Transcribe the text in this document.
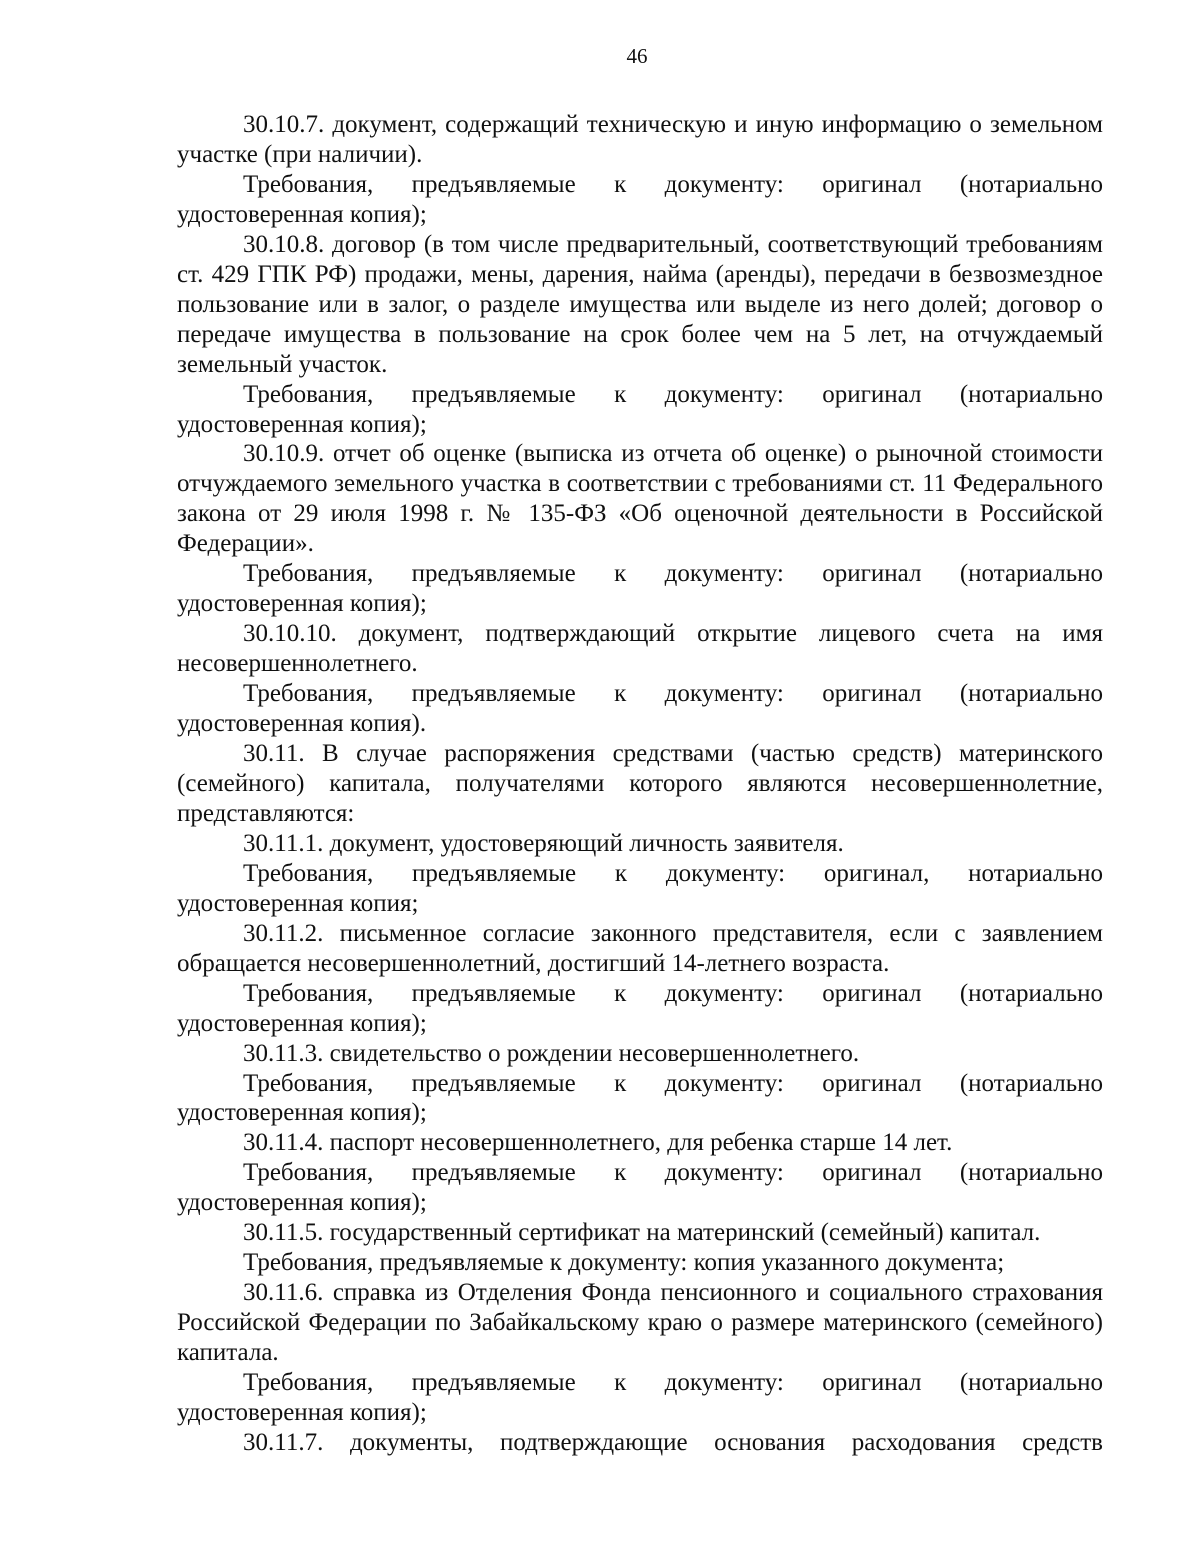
46

30.10.7. документ, содержащий техническую и иную информацию о земельном участке (при наличии).

Требования, предъявляемые к документу: оригинал (нотариально удостоверенная копия);

30.10.8. договор (в том числе предварительный, соответствующий требованиям ст. 429 ГПК РФ) продажи, мены, дарения, найма (аренды), передачи в безвозмездное пользование или в залог, о разделе имущества или выделе из него долей; договор о передаче имущества в пользование на срок более чем на 5 лет, на отчуждаемый земельный участок.

Требования, предъявляемые к документу: оригинал (нотариально удостоверенная копия);

30.10.9. отчет об оценке (выписка из отчета об оценке) о рыночной стоимости отчуждаемого земельного участка в соответствии с требованиями ст. 11 Федерального закона от 29 июля 1998 г. № 135-ФЗ «Об оценочной деятельности в Российской Федерации».

Требования, предъявляемые к документу: оригинал (нотариально удостоверенная копия);

30.10.10. документ, подтверждающий открытие лицевого счета на имя несовершеннолетнего.

Требования, предъявляемые к документу: оригинал (нотариально удостоверенная копия).

30.11. В случае распоряжения средствами (частью средств) материнского (семейного) капитала, получателями которого являются несовершеннолетние, представляются:

30.11.1. документ, удостоверяющий личность заявителя.

Требования, предъявляемые к документу: оригинал, нотариально удостоверенная копия;

30.11.2. письменное согласие законного представителя, если с заявлением обращается несовершеннолетний, достигший 14-летнего возраста.

Требования, предъявляемые к документу: оригинал (нотариально удостоверенная копия);

30.11.3. свидетельство о рождении несовершеннолетнего.

Требования, предъявляемые к документу: оригинал (нотариально удостоверенная копия);

30.11.4. паспорт несовершеннолетнего, для ребенка старше 14 лет.

Требования, предъявляемые к документу: оригинал (нотариально удостоверенная копия);

30.11.5. государственный сертификат на материнский (семейный) капитал.

Требования, предъявляемые к документу: копия указанного документа;

30.11.6. справка из Отделения Фонда пенсионного и социального страхования Российской Федерации по Забайкальскому краю о размере материнского (семейного) капитала.

Требования, предъявляемые к документу: оригинал (нотариально удостоверенная копия);

30.11.7. документы, подтверждающие основания расходования средств
